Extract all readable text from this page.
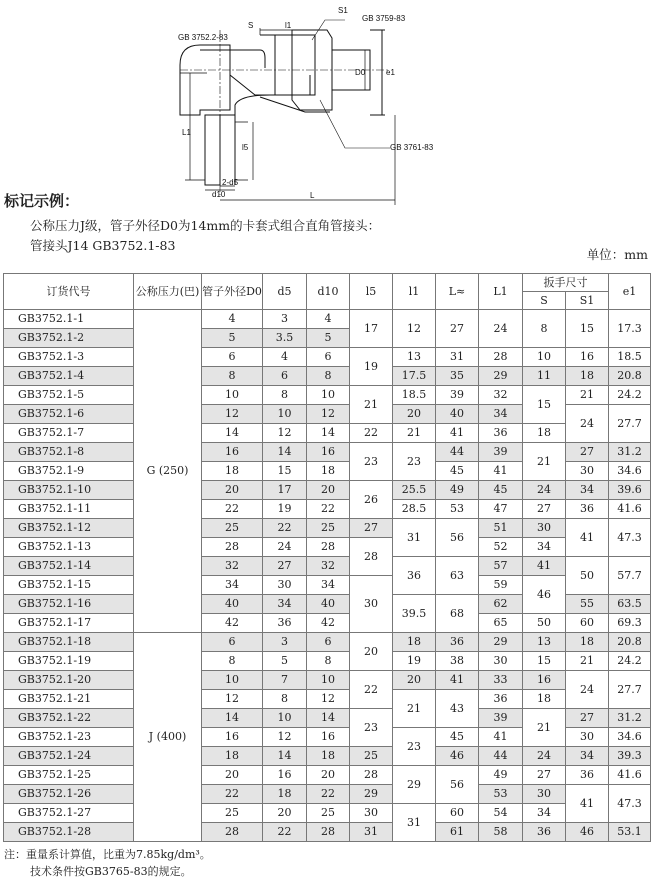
S
S1
GB 3759-83
GB 3752.2-83
l1
D0	e1
L1
l5	GB 3761-83
2-d5
d10	L
标记示例：
公称压力J级，管子外径D0为14mm的卡套式组合直角管接头：
管接头J14 GB3752.1-83
单位：mm
订货代号	公称压力(巴)	管子外径D0	d5	d10	l5	l1	L≈	L1	扳手尺寸		e1
									S	S1	
GB3752.1-1	G (250)	4	3	4	17	12	27	24	8	15	17.3
GB3752.1-2		5	3.5	5							
GB3752.1-3		6	4	6	19	13	31	28	10	16	18.5
GB3752.1-4		8	6	8		17.5	35	29	11	18	20.8
GB3752.1-5		10	8	10	21	18.5	39	32	15	21	24.2
GB3752.1-6		12	10	12		20	40	34		24	27.7
GB3752.1-7		14	12	14	22	21	41	36	18		
GB3752.1-8		16	14	16	23	23	44	39	21	27	31.2
GB3752.1-9		18	15	18			45	41		30	34.6
GB3752.1-10		20	17	20	26	25.5	49	45	24	34	39.6
GB3752.1-11		22	19	22		28.5	53	47	27	36	41.6
GB3752.1-12		25	22	25	27	31	56	51	30	41	47.3
GB3752.1-13		28	24	28	28			52	34		
GB3752.1-14		32	27	32		36	63	57	41	50	57.7
GB3752.1-15		34	30	34	30			59	46		
GB3752.1-16		40	34	40		39.5	68	62		55	63.5
GB3752.1-17		42	36	42				65	50	60	69.3
GB3752.1-18	J (400)	6	3	6	20	18	36	29	13	18	20.8
GB3752.1-19		8	5	8		19	38	30	15	21	24.2
GB3752.1-20		10	7	10	22	20	41	33	16	24	27.7
GB3752.1-21		12	8	12		21	43	36	18		
GB3752.1-22		14	10	14	23			39	21	27	31.2
GB3752.1-23		16	12	16		23	45	41		30	34.6
GB3752.1-24		18	14	18	25		46	44	24	34	39.3
GB3752.1-25		20	16	20	28	29	56	49	27	36	41.6
GB3752.1-26		22	18	22	29			53	30	41	47.3
GB3752.1-27		25	20	25	30	31	60	54	34		
GB3752.1-28		28	22	28	31		61	58	36	46	53.1
注：重量系计算值，比重为7.85kg/dm³。
技术条件按GB3765-83的规定。
